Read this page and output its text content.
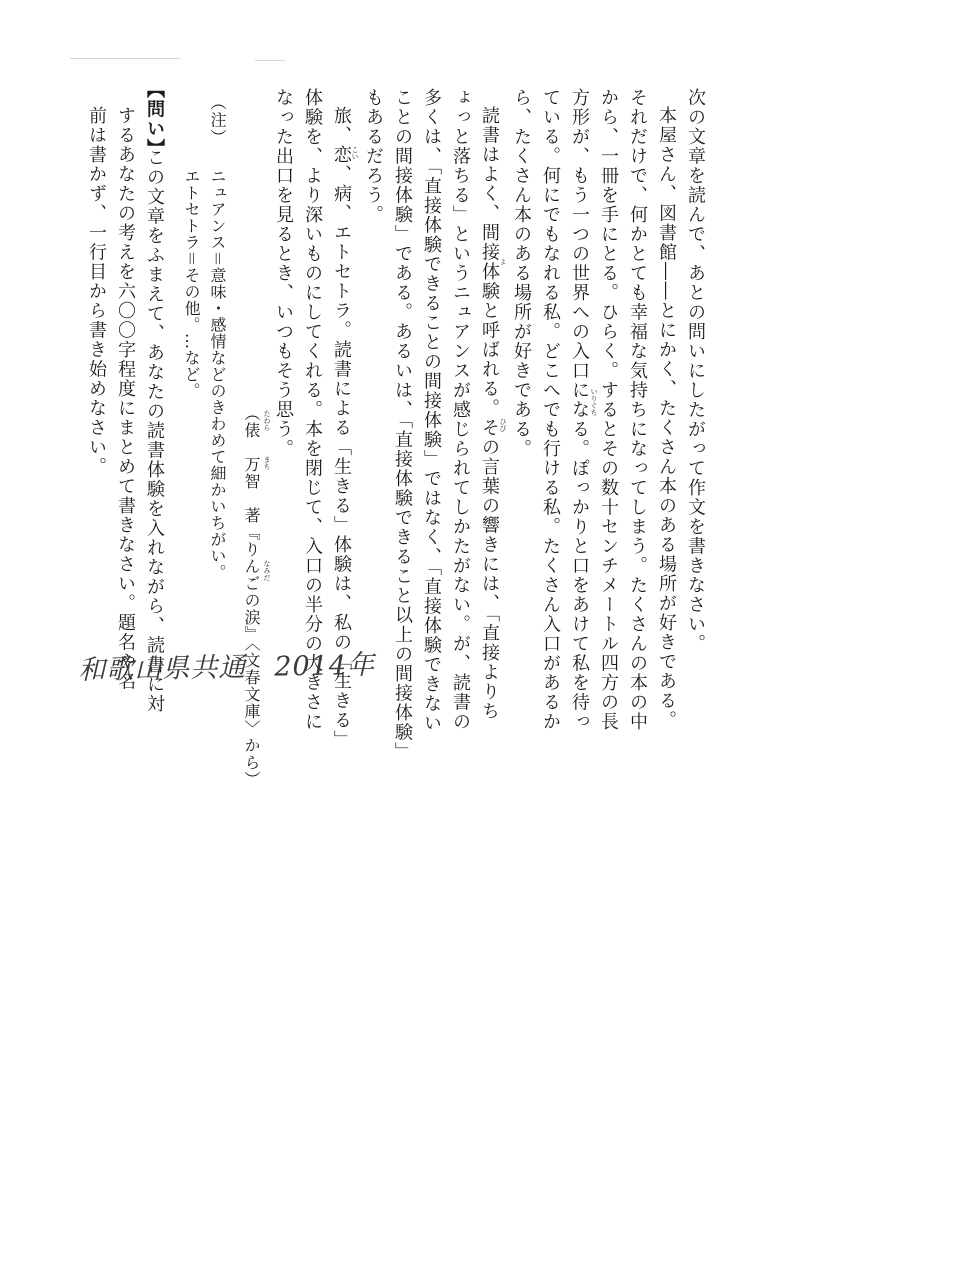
次の文章を読んで、あとの問いにしたがって作文を書きなさい。
本屋さん、図書館――とにかく、たくさん本のある場所が好きである。
それだけで、何かとても幸福な気持ちになってしまう。たくさんの本の中
から、一冊を手にとる。ひらく。するとその数十センチメートル四方の長
方形が、もう一つの世界への入口になる。ぽっかりと口をあけて私を待っ
ている。何にでもなれる私。どこへでも行ける私。たくさん入口があるか
ら、たくさん本のある場所が好きである。
読書はよく、間接体験と呼ばれる。その言葉の響きには、「直接よりち
ょっと落ちる」というニュアンスが感じられてしかたがない。が、読書の
多くは、「直接体験できることの間接体験」ではなく、「直接体験できない
ことの間接体験」である。あるいは、「直接体験できること以上の間接体験」
もあるだろう。
旅、恋、病、エトセトラ。読書による「生きる」体験は、私の「生きる」
体験を、より深いものにしてくれる。本を閉じて、入口の半分の大きさに
なった出口を見るとき、いつもそう思う。	いりぐち
よ
ひび
こい
たわら
まち
なみだ
（俵　万智　著『りんごの涙』〈文春文庫〉から）
（注）
ニュアンス＝意味・感情などのきわめて細かいちがい。
エトセトラ＝その他。…など。
【問い】
この文章をふまえて、あなたの読書体験を入れながら、読書に対
するあなたの考えを六〇〇字程度にまとめて書きなさい。題名や名
前は書かず、一行目から書き始めなさい。
和歌山県共通　2014年
